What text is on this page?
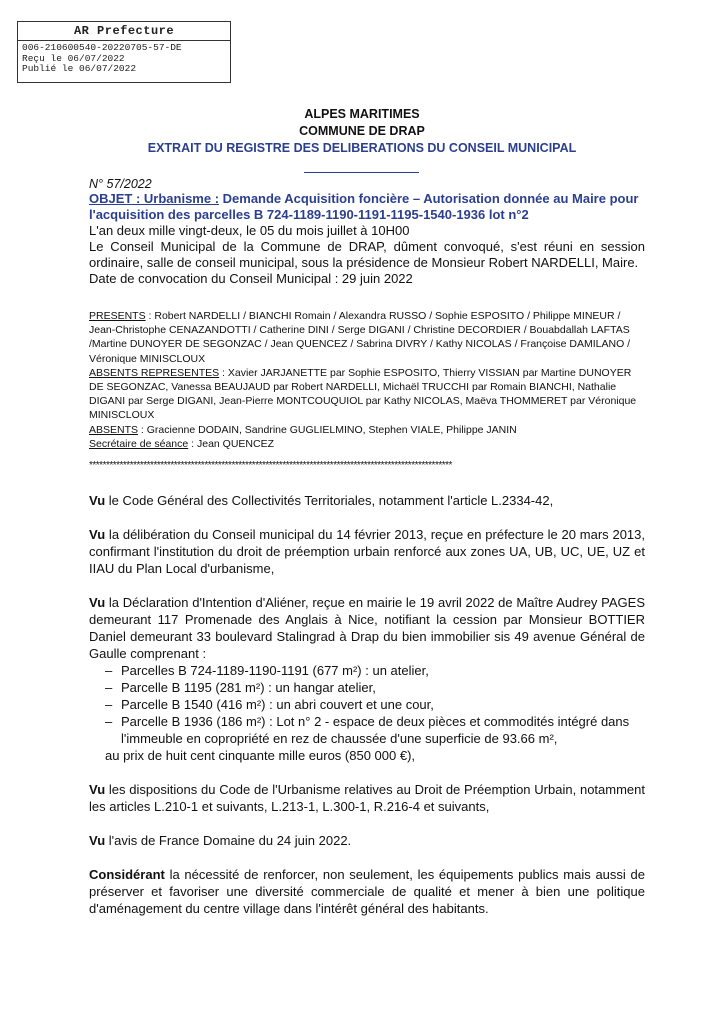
AR Prefecture
006-210600540-20220705-57-DE
Reçu le 06/07/2022
Publié le 06/07/2022
ALPES MARITIMES
COMMUNE DE DRAP
EXTRAIT DU REGISTRE DES DELIBERATIONS DU CONSEIL MUNICIPAL
N° 57/2022
OBJET : Urbanisme : Demande Acquisition foncière – Autorisation donnée au Maire pour l'acquisition des parcelles B 724-1189-1190-1191-1195-1540-1936 lot n°2

L'an deux mille vingt-deux, le 05 du mois juillet à 10H00

Le Conseil Municipal de la Commune de DRAP, dûment convoqué, s'est réuni en session ordinaire, salle de conseil municipal, sous la présidence de Monsieur Robert NARDELLI, Maire.

Date de convocation du Conseil Municipal : 29 juin 2022

PRESENTS : Robert NARDELLI / BIANCHI Romain / Alexandra RUSSO / Sophie ESPOSITO / Philippe MINEUR / Jean-Christophe CENAZANDOTTI / Catherine DINI / Serge DIGANI / Christine DECORDIER / Bouabdallah LAFTAS /Martine DUNOYER DE SEGONZAC / Jean QUENCEZ / Sabrina DIVRY / Kathy NICOLAS / Françoise DAMILANO / Véronique MINISCLOUX

ABSENTS REPRESENTES : Xavier JARJANETTE par Sophie ESPOSITO, Thierry VISSIAN par Martine DUNOYER DE SEGONZAC, Vanessa BEAUJAUD par Robert NARDELLI, Michaël TRUCCHI par Romain BIANCHI, Nathalie DIGANI par Serge DIGANI, Jean-Pierre MONTCOUQUIOL par Kathy NICOLAS, Maëva THOMMERET par Véronique MINISCLOUX

ABSENTS : Gracienne DODAIN, Sandrine GUGLIELMINO, Stephen VIALE, Philippe JANIN

Secrétaire de séance : Jean QUENCEZ

***********************************************************************************************************

Vu le Code Général des Collectivités Territoriales, notamment l'article L.2334-42,

Vu la délibération du Conseil municipal du 14 février 2013, reçue en préfecture le 20 mars 2013, confirmant l'institution du droit de préemption urbain renforcé aux zones UA, UB, UC, UE, UZ et IIAU du Plan Local d'urbanisme,

Vu la Déclaration d'Intention d'Aliéner, reçue en mairie le 19 avril 2022 de Maître Audrey PAGES demeurant 117 Promenade des Anglais à Nice, notifiant la cession par Monsieur BOTTIER Daniel demeurant 33 boulevard Stalingrad à Drap du bien immobilier sis 49 avenue Général de Gaulle comprenant :

– Parcelles B 724-1189-1190-1191 (677 m²) : un atelier,
– Parcelle B 1195 (281 m²) : un hangar atelier,
– Parcelle B 1540 (416 m²) : un abri couvert et une cour,
– Parcelle B 1936 (186 m²) : Lot n° 2 - espace de deux pièces et commodités intégré dans l'immeuble en copropriété en rez de chaussée d'une superficie de 93.66 m²,

au prix de huit cent cinquante mille euros (850 000 €),

Vu les dispositions du Code de l'Urbanisme relatives au Droit de Préemption Urbain, notamment les articles L.210-1 et suivants, L.213-1, L.300-1, R.216-4 et suivants,

Vu l'avis de France Domaine du 24 juin 2022.

Considérant la nécessité de renforcer, non seulement, les équipements publics mais aussi de préserver et favoriser une diversité commerciale de qualité et mener à bien une politique d'aménagement du centre village dans l'intérêt général des habitants.
